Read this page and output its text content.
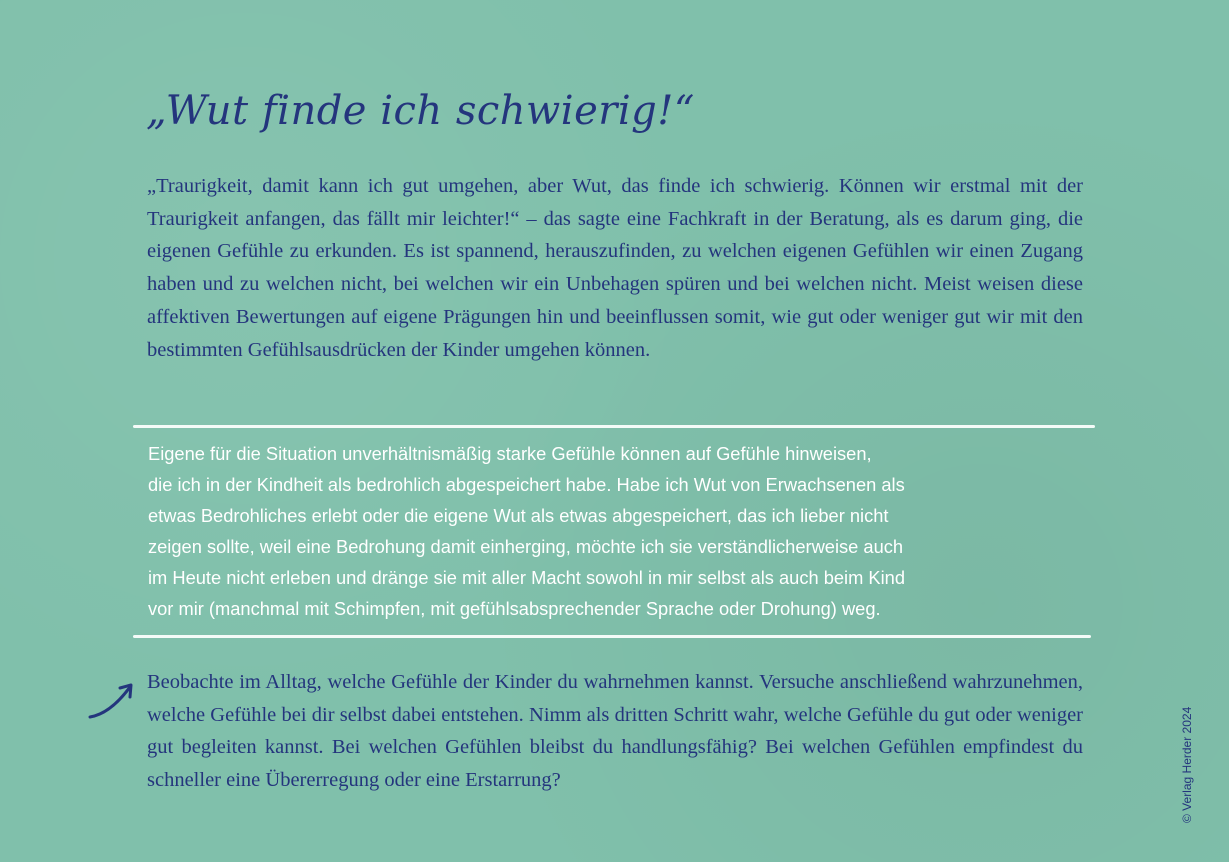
„Wut finde ich schwierig!“

„Traurigkeit, damit kann ich gut umgehen, aber Wut, das finde ich schwierig. Können wir erstmal mit der Traurigkeit anfangen, das fällt mir leichter!“ – das sagte eine Fachkraft in der Beratung, als es darum ging, die eigenen Gefühle zu erkunden. Es ist spannend, herauszufinden, zu welchen eigenen Gefühlen wir einen Zugang haben und zu welchen nicht, bei welchen wir ein Unbehagen spüren und bei welchen nicht. Meist weisen diese affektiven Bewertungen auf eigene Prägungen hin und beeinflussen somit, wie gut oder weniger gut wir mit den bestimmten Gefühlsausdrücken der Kinder umgehen können.

Eigene für die Situation unverhältnismäßig starke Gefühle können auf Gefühle hinweisen,
die ich in der Kindheit als bedrohlich abgespeichert habe. Habe ich Wut von Erwachsenen als
etwas Bedrohliches erlebt oder die eigene Wut als etwas abgespeichert, das ich lieber nicht
zeigen sollte, weil eine Bedrohung damit einherging, möchte ich sie verständlicherweise auch
im Heute nicht erleben und dränge sie mit aller Macht sowohl in mir selbst als auch beim Kind
vor mir (manchmal mit Schimpfen, mit gefühlsabsprechender Sprache oder Drohung) weg.

Beobachte im Alltag, welche Gefühle der Kinder du wahrnehmen kannst. Versuche anschließend wahrzunehmen, welche Gefühle bei dir selbst dabei entstehen. Nimm als dritten Schritt wahr, welche Gefühle du gut oder weniger gut begleiten kannst. Bei welchen Gefühlen bleibst du handlungsfähig? Bei welchen Gefühlen empfindest du schneller eine Übererregung oder eine Erstarrung?	© Verlag Herder 2024
